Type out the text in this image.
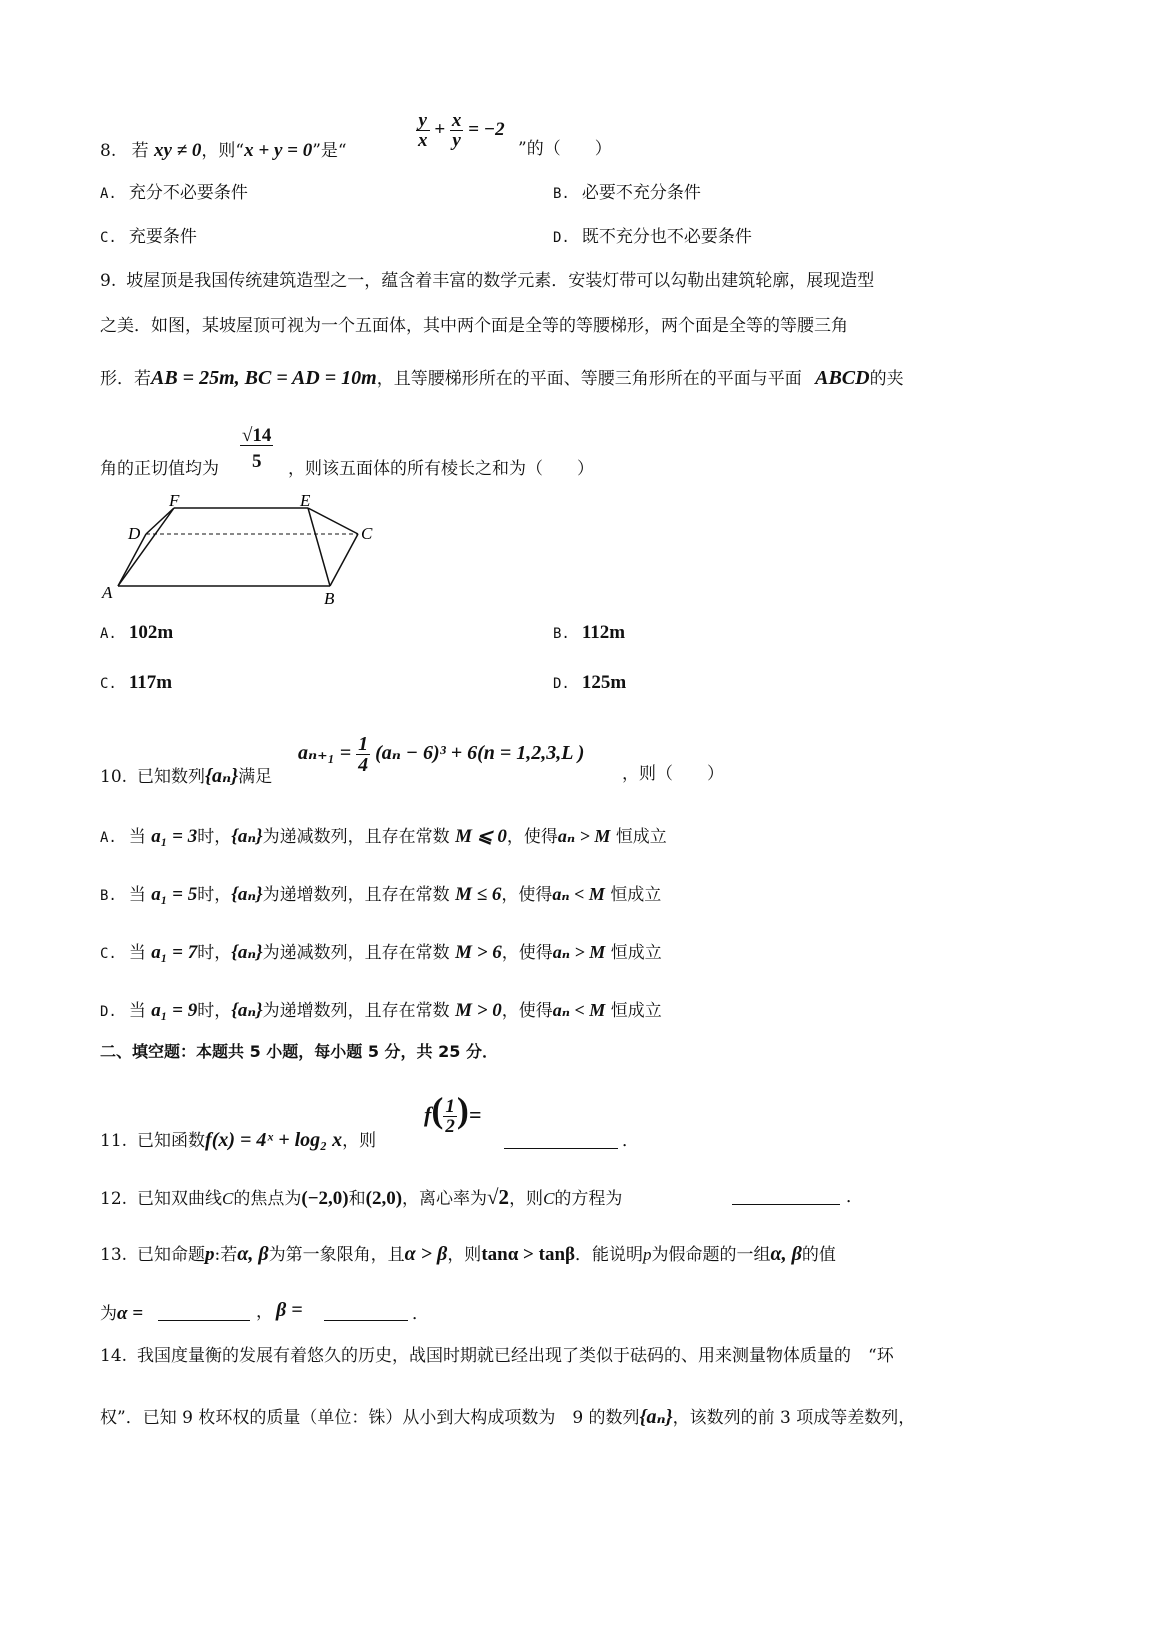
8. 若 xy ≠ 0，则“x + y = 0”是“
$\frac{y}{x} + \frac{x}{y} = -2$
”的（　　）
A. 充分不必要条件	B. 必要不充分条件
C. 充要条件	D. 既不充分也不必要条件
9. 坡屋顶是我国传统建筑造型之一，蕴含着丰富的数学元素．安装灯带可以勾勒出建筑轮廓，展现造型
之美．如图，某坡屋顶可视为一个五面体，其中两个面是全等的等腰梯形，两个面是全等的等腰三角
形．若AB = 25m, BC = AD = 10m，且等腰梯形所在的平面、等腰三角形所在的平面与平面 ABCD的夹
角的正切值均为 $\frac{√14}{5}$ ，则该五面体的所有棱长之和为（　　）
A	B
C
D
E
F
A. 102m	B. 112m
C. 117m	D. 125m
10. 已知数列{aₙ}满足
$a_{n+1} = \frac{1}{4} (a_n - 6)^3 + 6(n = 1,2,3,L$ )
，则（　　）
A. 当 a₁ = 3时，{aₙ}为递减数列，且存在常数 M ⩽ 0，使得aₙ > M 恒成立
B. 当 a₁ = 5时，{aₙ}为递增数列，且存在常数 M ≤ 6，使得aₙ < M 恒成立
C. 当 a₁ = 7时，{aₙ}为递减数列，且存在常数 M > 6，使得aₙ > M 恒成立
D. 当 a₁ = 9时，{aₙ}为递增数列，且存在常数 M > 0，使得aₙ < M 恒成立
二、填空题：本题共 5 小题，每小题 5 分，共 25 分．
11. 已知函数f(x) = 4ˣ + log₂ x，则
$f( \frac{1}{2}$ )=
．
12. 已知双曲线C的焦点为(−2,0)和(2,0)，离心率为√2，则C的方程为	．
13. 已知命题p:若α, β为第一象限角，且α > β，则tanα > tanβ．能说明p为假命题的一组α, β的值
为α =	， β =	．
14. 我国度量衡的发展有着悠久的历史，战国时期就已经出现了类似于砝码的、用来测量物体质量的　“环
权”．已知 9 枚环权的质量（单位：铢）从小到大构成项数为　9 的数列{aₙ}，该数列的前 3 项成等差数列，
